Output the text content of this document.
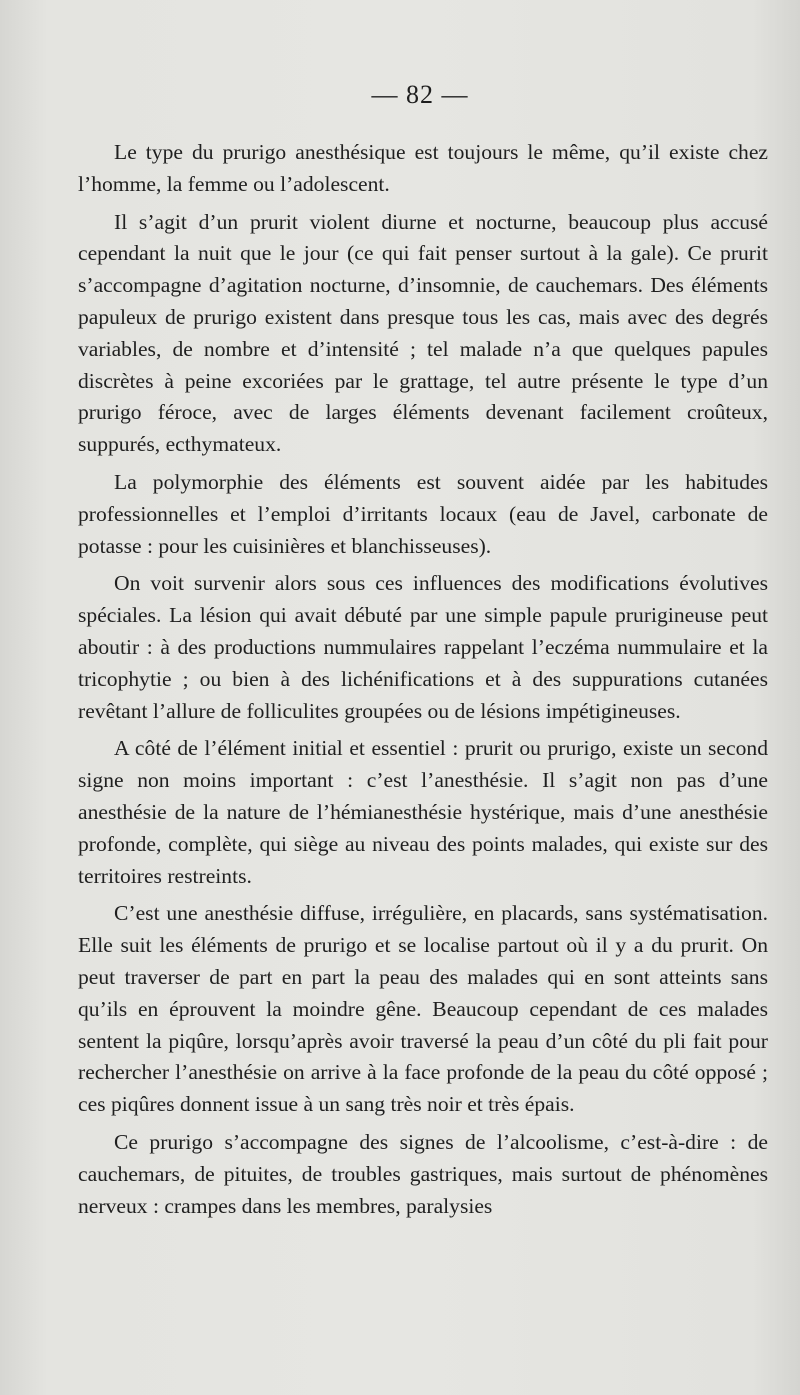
— 82 —

Le type du prurigo anesthésique est toujours le même, qu’il existe chez l’homme, la femme ou l’adolescent.

Il s’agit d’un prurit violent diurne et nocturne, beaucoup plus accusé cependant la nuit que le jour (ce qui fait penser surtout à la gale). Ce prurit s’accompagne d’agitation nocturne, d’insomnie, de cauchemars. Des éléments papuleux de prurigo existent dans presque tous les cas, mais avec des degrés variables, de nombre et d’intensité ; tel malade n’a que quelques papules discrètes à peine excoriées par le grattage, tel autre présente le type d’un prurigo féroce, avec de larges éléments devenant facilement croûteux, suppurés, ecthymateux.

La polymorphie des éléments est souvent aidée par les habitudes professionnelles et l’emploi d’irritants locaux (eau de Javel, carbonate de potasse : pour les cuisinières et blanchisseuses).

On voit survenir alors sous ces influences des modifications évolutives spéciales. La lésion qui avait débuté par une simple papule prurigineuse peut aboutir : à des productions nummulaires rappelant l’eczéma nummulaire et la tricophytie ; ou bien à des lichénifications et à des suppurations cutanées revêtant l’allure de folliculites groupées ou de lésions impétigineuses.

A côté de l’élément initial et essentiel : prurit ou prurigo, existe un second signe non moins important : c’est l’anesthésie. Il s’agit non pas d’une anesthésie de la nature de l’hémianesthésie hystérique, mais d’une anesthésie profonde, complète, qui siège au niveau des points malades, qui existe sur des territoires restreints.

C’est une anesthésie diffuse, irrégulière, en placards, sans systématisation. Elle suit les éléments de prurigo et se localise partout où il y a du prurit. On peut traverser de part en part la peau des malades qui en sont atteints sans qu’ils en éprouvent la moindre gêne. Beaucoup cependant de ces malades sentent la piqûre, lorsqu’après avoir traversé la peau d’un côté du pli fait pour rechercher l’anesthésie on arrive à la face profonde de la peau du côté opposé ; ces piqûres donnent issue à un sang très noir et très épais.

Ce prurigo s’accompagne des signes de l’alcoolisme, c’est-à-dire : de cauchemars, de pituites, de troubles gastriques, mais surtout de phénomènes nerveux : crampes dans les membres, paralysies
